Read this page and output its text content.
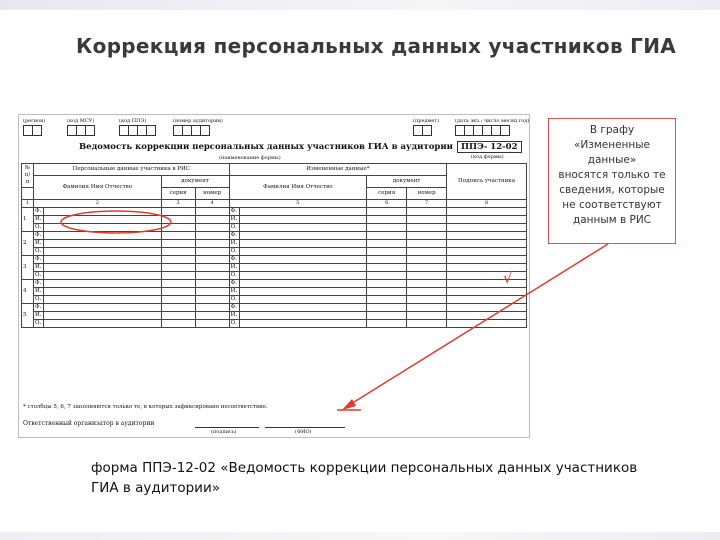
Коррекция персональных данных участников ГИА
(регион)	(код МСУ)	(код ППЭ)	(номер аудитории)	(предмет)	(дата экз.: число месяц год)
Ведомость коррекции персональных данных участников ГИА в аудитории ППЭ- 12-02
(код формы)
(наименование формы)
№ п/п	Персональные данные участника в РИС				Измененные данные*				Подпись участника
	Фамилия Имя Отчество		документ		Фамилия Имя Отчество		документ		
			серия	номер			серия	номер	
1	2		3	4	5		6	7	8
1	Ф.				Ф.				
	И.				И.				
	О.				О.				
2	Ф.				Ф.				
	И.				И.				
	О.				О.				
3	Ф.				Ф.				
	И.				И.				
	О.				О.				
4	Ф.				Ф.				
	И.				И.				
	О.				О.				
5	Ф.				Ф.				
	И.				И.				
	О.				О.				
* столбцы 5, 6, 7 заполняются только те, в которых зафиксировано несоответствие.
Ответственный организатор в аудитории
(подпись)	(ФИО)
В графу
«Измененные
данные»
вносятся только те
сведения, которые
не соответствуют
данным в РИС
√
форма ППЭ-12-02 «Ведомость коррекции персональных данных участников ГИА в аудитории»
